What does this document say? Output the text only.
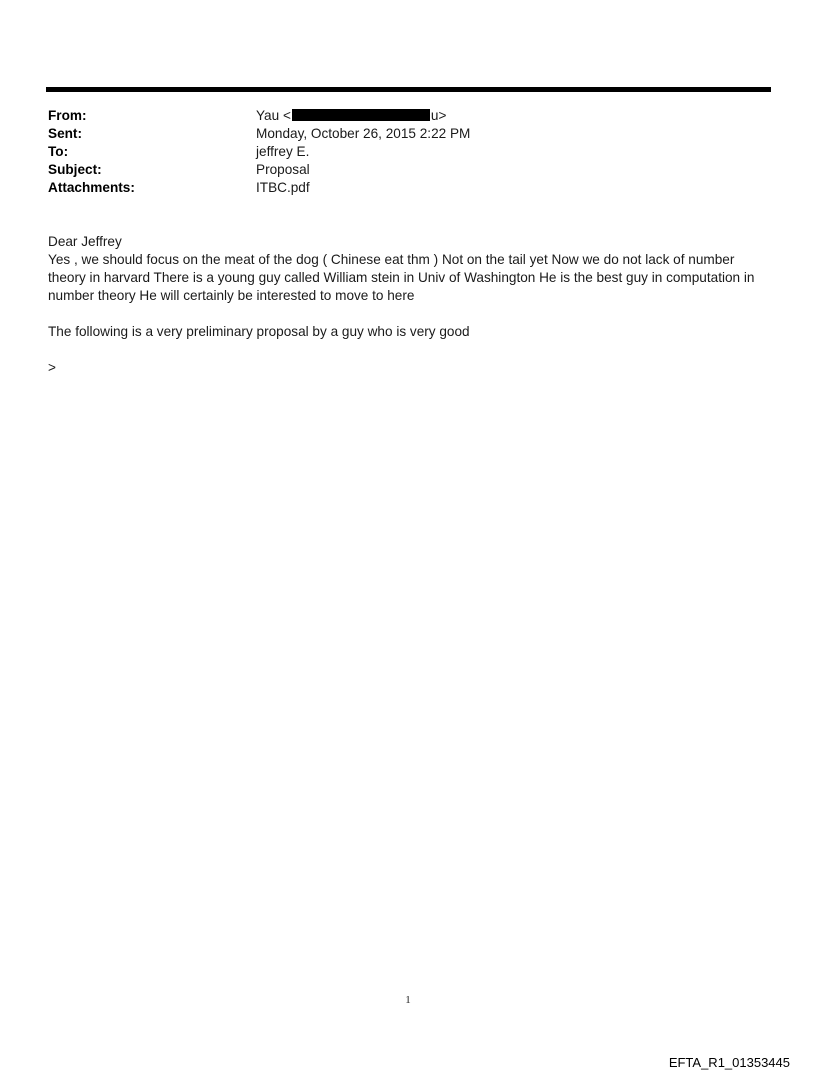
From:	Yau <	u>
Sent:	Monday, October 26, 2015 2:22 PM
To:	jeffrey E.
Subject:	Proposal
Attachments:	ITBC.pdf

Dear Jeffrey

Yes , we should focus on the meat of the dog ( Chinese eat thm ) Not on the tail yet Now we do not lack of number

theory in harvard There is a young guy called William stein in Univ of Washington He is the best guy in computation in

number theory He will certainly be interested to move to here

The following is a very preliminary proposal by a guy who is very good

>

1
EFTA_R1_01353445
